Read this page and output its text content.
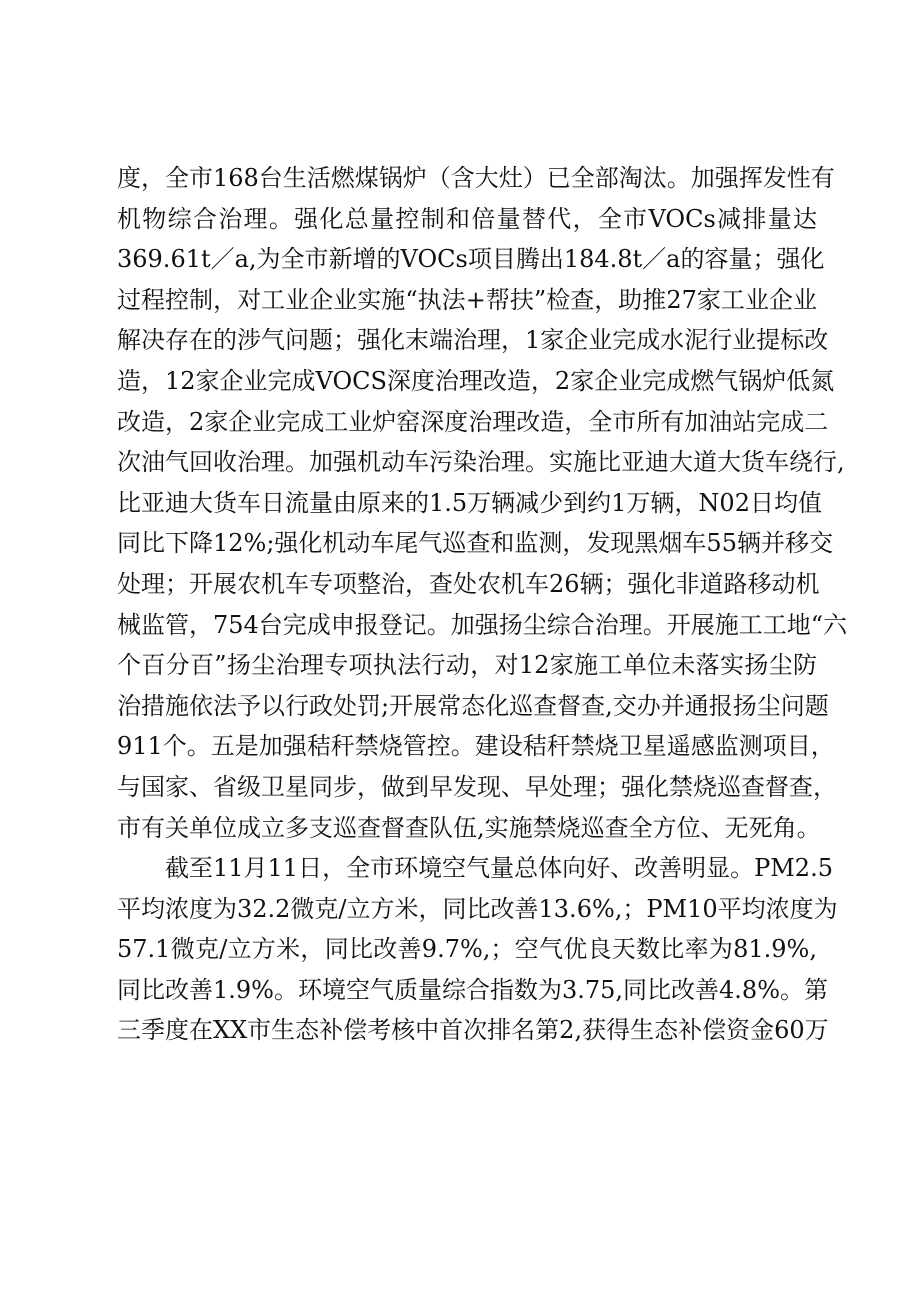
度，全市168台生活燃煤锅炉（含大灶）已全部淘汰。加强挥发性有
机物综合治理。强化总量控制和倍量替代，全市VOCs减排量达
369.61t／a,为全市新增的VOCs项目腾出184.8t／a的容量；强化
过程控制，对工业企业实施“执法+帮扶”检查，助推27家工业企业
解决存在的涉气问题；强化末端治理，1家企业完成水泥行业提标改
造，12家企业完成VOCS深度治理改造，2家企业完成燃气锅炉低氮
改造，2家企业完成工业炉窑深度治理改造，全市所有加油站完成二
次油气回收治理。加强机动车污染治理。实施比亚迪大道大货车绕行,
比亚迪大货车日流量由原来的1.5万辆减少到约1万辆，N02日均值
同比下降12%;强化机动车尾气巡查和监测，发现黑烟车55辆并移交
处理；开展农机车专项整治，查处农机车26辆；强化非道路移动机
械监管，754台完成申报登记。加强扬尘综合治理。开展施工工地“六
个百分百”扬尘治理专项执法行动，对12家施工单位未落实扬尘防
治措施依法予以行政处罚;开展常态化巡查督查,交办并通报扬尘问题
911个。五是加强秸秆禁烧管控。建设秸秆禁烧卫星遥感监测项目，
与国家、省级卫星同步，做到早发现、早处理；强化禁烧巡查督查，
市有关单位成立多支巡查督查队伍,实施禁烧巡查全方位、无死角。
截至11月11日，全市环境空气量总体向好、改善明显。PM2.5
平均浓度为32.2微克/立方米，同比改善13.6%,；PM10平均浓度为
57.1微克/立方米，同比改善9.7%,；空气优良天数比率为81.9%,
同比改善1.9%。环境空气质量综合指数为3.75,同比改善4.8%。第
三季度在XX市生态补偿考核中首次排名第2,获得生态补偿资金60万
